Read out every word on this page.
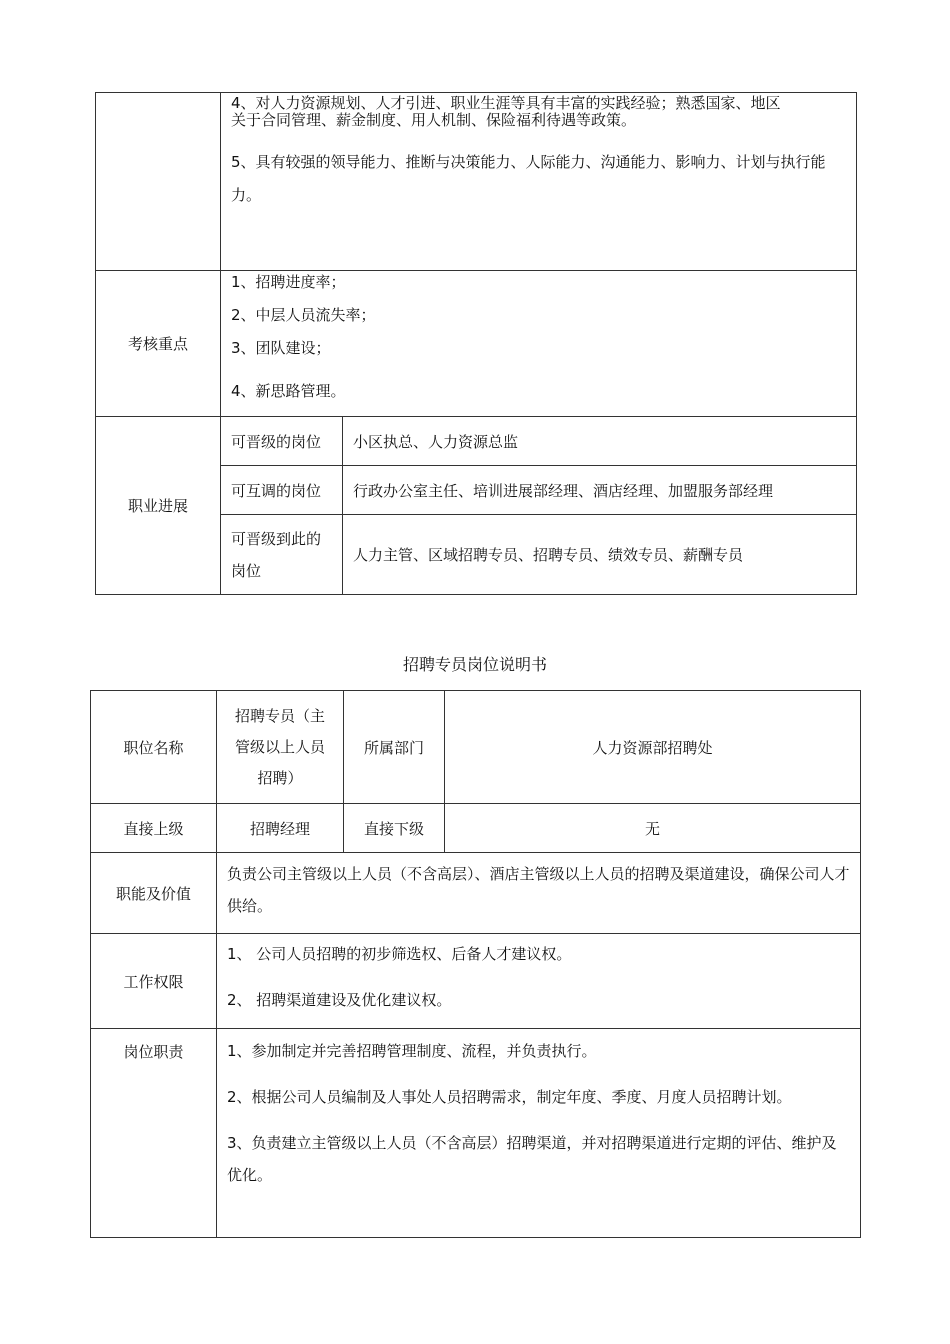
	4、对人力资源规划、人才引进、职业生涯等具有丰富的实践经验；熟悉国家、地区

关于合同管理、薪金制度、用人机制、保险福利待遇等政策。

5、具有较强的领导能力、推断与决策能力、人际能力、沟通能力、影响力、计划与执行能力。	

考核重点	1、招聘进度率；

2、中层人员流失率；

3、团队建设；

4、新思路管理。	

职业进展	可晋级的岗位	小区执总、人力资源总监
	可互调的岗位	行政办公室主任、培训进展部经理、酒店经理、加盟服务部经理
	可晋级到此的岗位	人力主管、区域招聘专员、招聘专员、绩效专员、薪酬专员
招聘专员岗位说明书
职位名称	招聘专员（主管级以上人员招聘）	所属部门	人力资源部招聘处
直接上级	招聘经理	直接下级	无
职能及价值	负责公司主管级以上人员（不含高层）、酒店主管级以上人员的招聘及渠道建设，确保公司人才供给。		

工作权限	1、 公司人员招聘的初步筛选权、后备人才建议权。

2、 招聘渠道建设及优化建议权。		

岗位职责	1、参加制定并完善招聘管理制度、流程，并负责执行。

2、根据公司人员编制及人事处人员招聘需求，制定年度、季度、月度人员招聘计划。

3、负责建立主管级以上人员（不含高层）招聘渠道，并对招聘渠道进行定期的评估、维护及优化。		
